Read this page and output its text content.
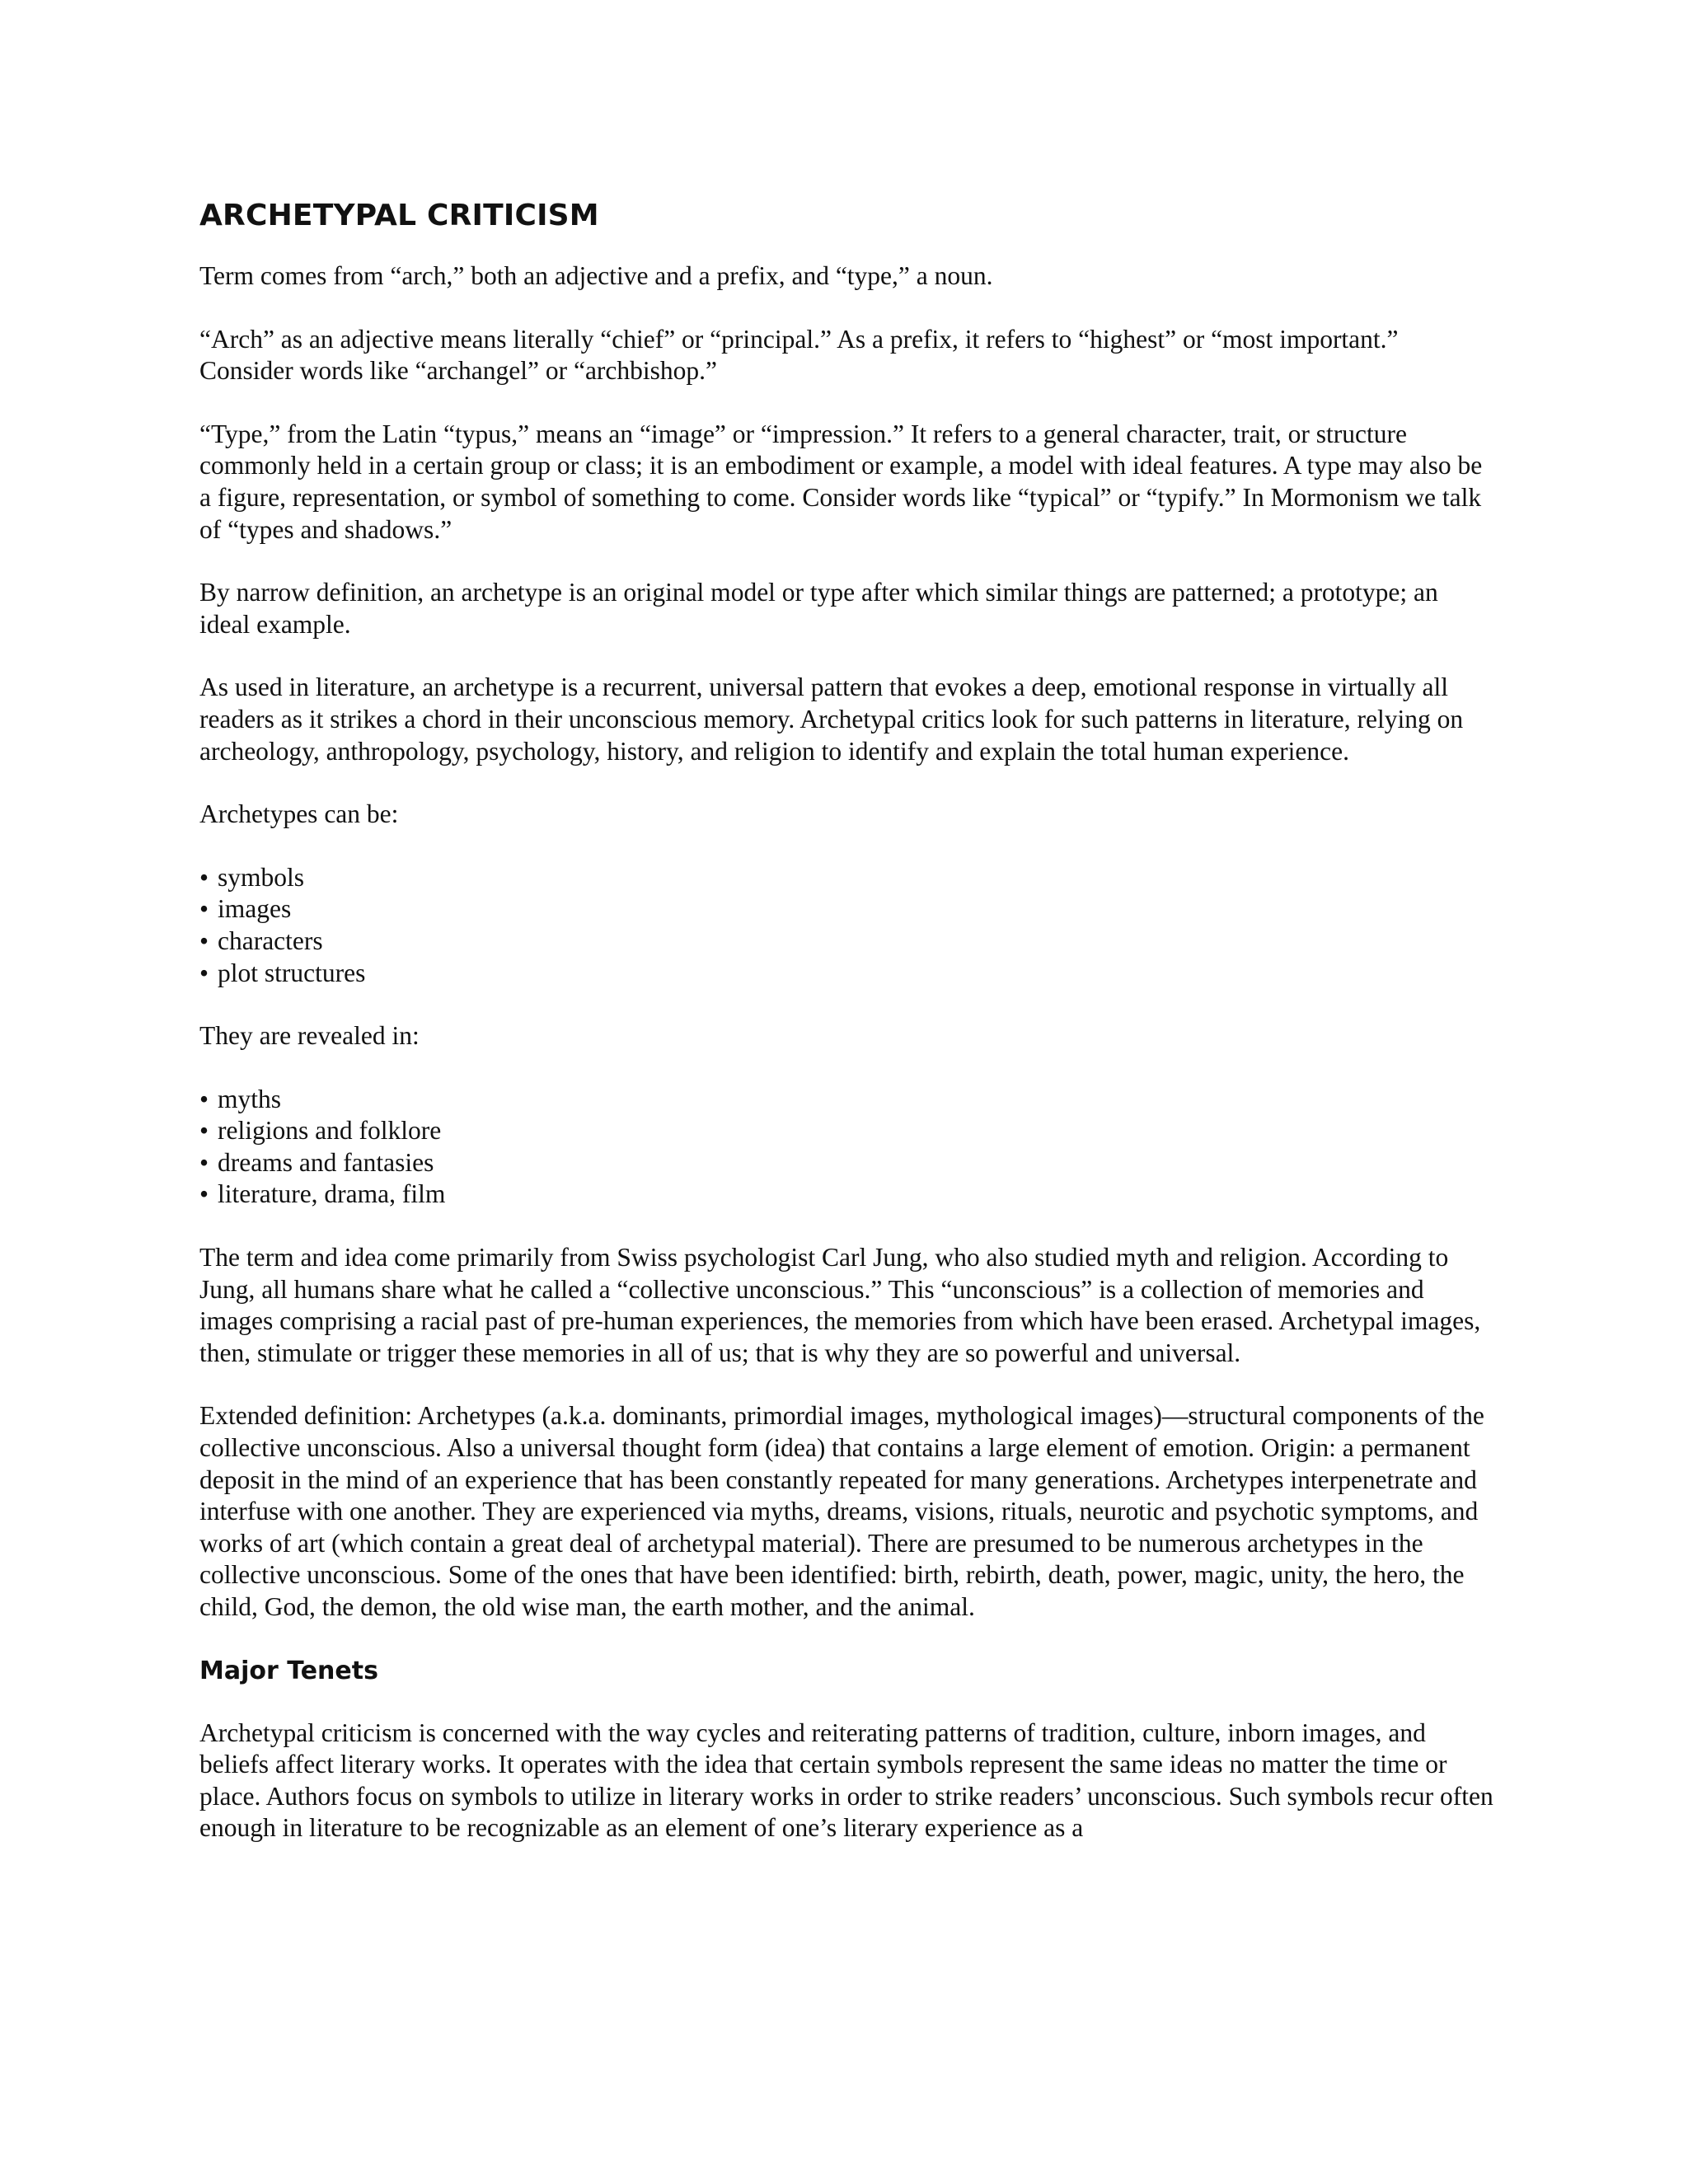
ARCHETYPAL CRITICISM

Term comes from “arch,” both an adjective and a prefix, and “type,” a noun.

“Arch” as an adjective means literally “chief” or “principal.” As a prefix, it refers to “highest” or “most important.” Consider words like “archangel” or “archbishop.”

“Type,” from the Latin “typus,” means an “image” or “impression.” It refers to a general character, trait, or structure commonly held in a certain group or class; it is an embodiment or example, a model with ideal features. A type may also be a figure, representation, or symbol of something to come. Consider words like “typical” or “typify.” In Mormonism we talk of “types and shadows.”

By narrow definition, an archetype is an original model or type after which similar things are patterned; a prototype; an ideal example.

As used in literature, an archetype is a recurrent, universal pattern that evokes a deep, emotional response in virtually all readers as it strikes a chord in their unconscious memory. Archetypal critics look for such patterns in literature, relying on archeology, anthropology, psychology, history, and religion to identify and explain the total human experience.

Archetypes can be:

• symbols
• images
• characters
• plot structures

They are revealed in:

• myths
• religions and folklore
• dreams and fantasies
• literature, drama, film

The term and idea come primarily from Swiss psychologist Carl Jung, who also studied myth and religion. According to Jung, all humans share what he called a “collective unconscious.” This “unconscious” is a collection of memories and images comprising a racial past of pre-human experiences, the memories from which have been erased. Archetypal images, then, stimulate or trigger these memories in all of us; that is why they are so powerful and universal.

Extended definition: Archetypes (a.k.a. dominants, primordial images, mythological images)—structural components of the collective unconscious. Also a universal thought form (idea) that contains a large element of emotion. Origin: a permanent deposit in the mind of an experience that has been constantly repeated for many generations. Archetypes interpenetrate and interfuse with one another. They are experienced via myths, dreams, visions, rituals, neurotic and psychotic symptoms, and works of art (which contain a great deal of archetypal material). There are presumed to be numerous archetypes in the collective unconscious. Some of the ones that have been identified: birth, rebirth, death, power, magic, unity, the hero, the child, God, the demon, the old wise man, the earth mother, and the animal.

Major Tenets

Archetypal criticism is concerned with the way cycles and reiterating patterns of tradition, culture, inborn images, and beliefs affect literary works. It operates with the idea that certain symbols represent the same ideas no matter the time or place. Authors focus on symbols to utilize in literary works in order to strike readers’ unconscious. Such symbols recur often enough in literature to be recognizable as an element of one’s literary experience as a
